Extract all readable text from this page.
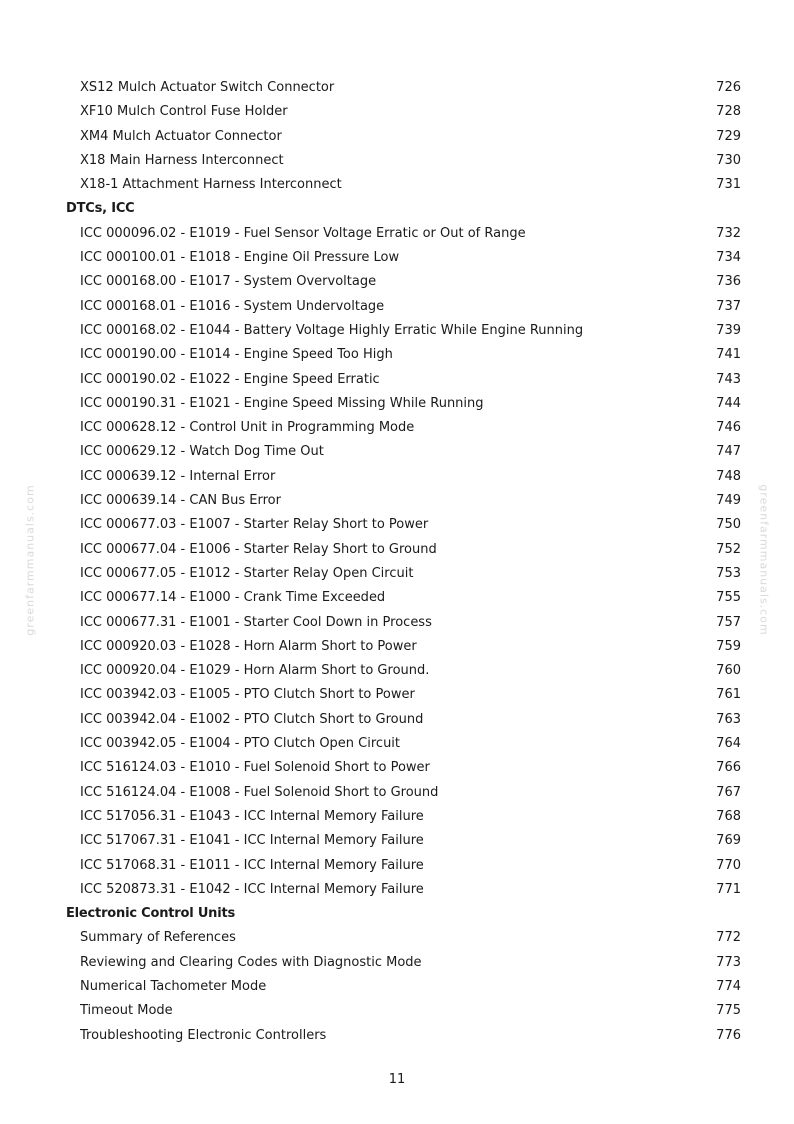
greenfarmmanuals.com	greenfarmmanuals.com
XS12 Mulch Actuator Switch Connector	726
XF10 Mulch Control Fuse Holder	728
XM4 Mulch Actuator Connector	729
X18 Main Harness Interconnect	730
X18-1 Attachment Harness Interconnect	731
DTCs, ICC
ICC 000096.02 - E1019 - Fuel Sensor Voltage Erratic or Out of Range	732
ICC 000100.01 - E1018 - Engine Oil Pressure Low	734
ICC 000168.00 - E1017 - System Overvoltage	736
ICC 000168.01 - E1016 - System Undervoltage	737
ICC 000168.02 - E1044 - Battery Voltage Highly Erratic While Engine Running	739
ICC 000190.00 - E1014 - Engine Speed Too High	741
ICC 000190.02 - E1022 - Engine Speed Erratic	743
ICC 000190.31 - E1021 - Engine Speed Missing While Running	744
ICC 000628.12 - Control Unit in Programming Mode	746
ICC 000629.12 - Watch Dog Time Out	747
ICC 000639.12 - Internal Error	748
ICC 000639.14 - CAN Bus Error	749
ICC 000677.03 - E1007 - Starter Relay Short to Power	750
ICC 000677.04 - E1006 - Starter Relay Short to Ground	752
ICC 000677.05 - E1012 - Starter Relay Open Circuit	753
ICC 000677.14 - E1000 - Crank Time Exceeded	755
ICC 000677.31 - E1001 - Starter Cool Down in Process	757
ICC 000920.03 - E1028 - Horn Alarm Short to Power	759
ICC 000920.04 - E1029 - Horn Alarm Short to Ground.	760
ICC 003942.03 - E1005 - PTO Clutch Short to Power	761
ICC 003942.04 - E1002 - PTO Clutch Short to Ground	763
ICC 003942.05 - E1004 - PTO Clutch Open Circuit	764
ICC 516124.03 - E1010 - Fuel Solenoid Short to Power	766
ICC 516124.04 - E1008 - Fuel Solenoid Short to Ground	767
ICC 517056.31 - E1043 - ICC Internal Memory Failure	768
ICC 517067.31 - E1041 - ICC Internal Memory Failure	769
ICC 517068.31 - E1011 - ICC Internal Memory Failure	770
ICC 520873.31 - E1042 - ICC Internal Memory Failure	771
Electronic Control Units
Summary of References	772
Reviewing and Clearing Codes with Diagnostic Mode	773
Numerical Tachometer Mode	774
Timeout Mode	775
Troubleshooting Electronic Controllers	776
11
